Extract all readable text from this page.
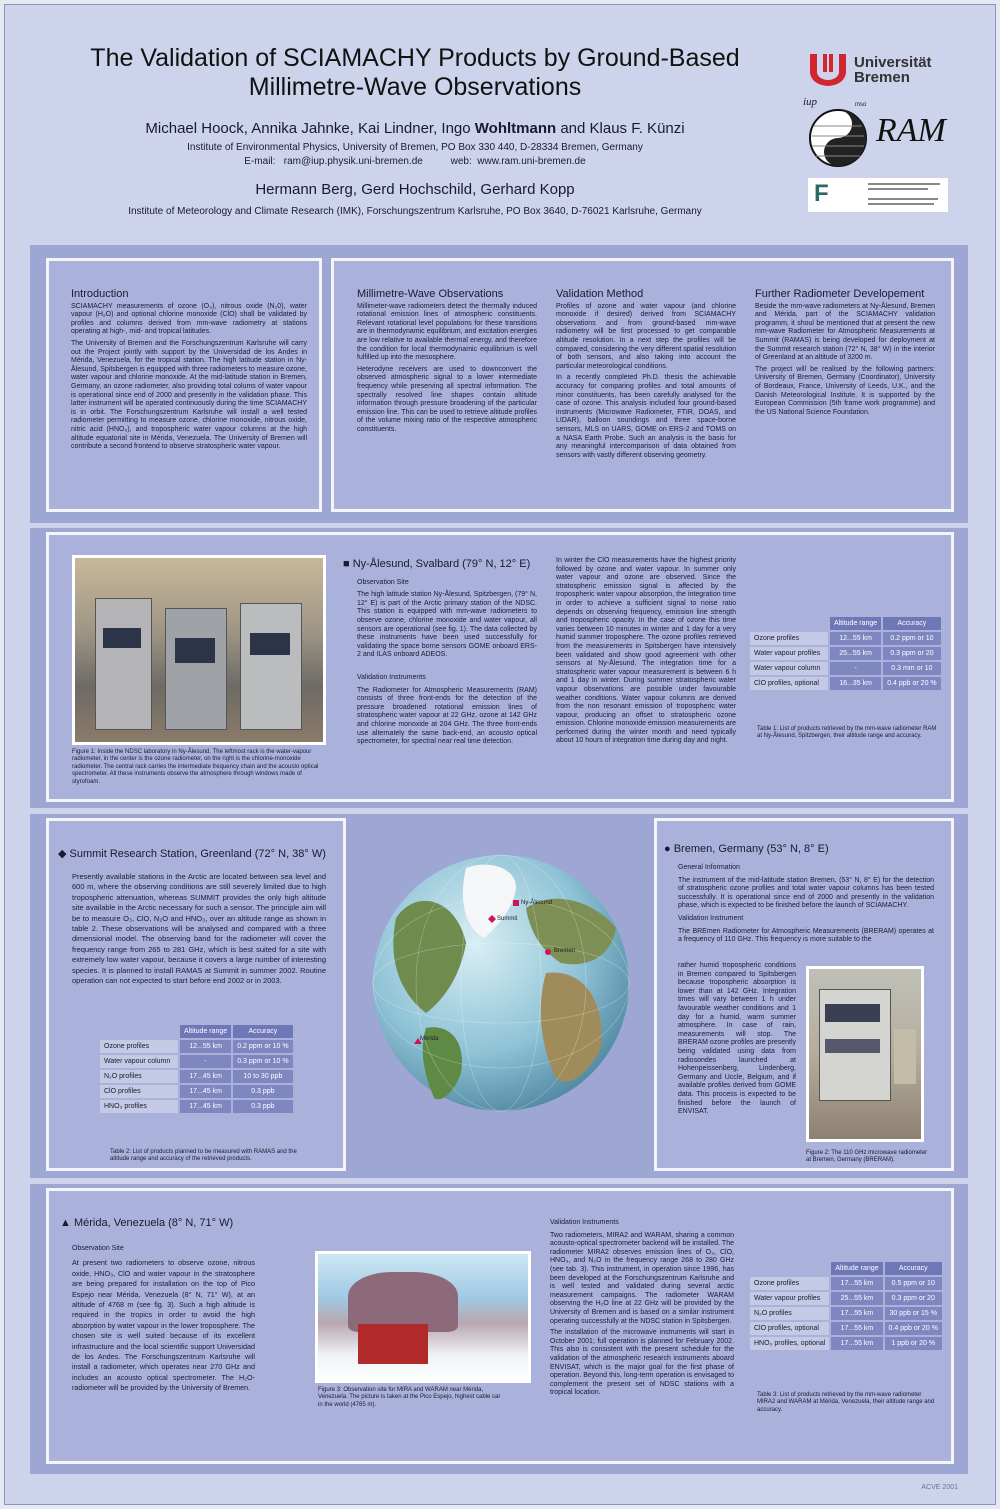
The Validation of SCIAMACHY Products by Ground-Based
Millimetre-Wave Observations
Michael Hoock, Annika Jahnke, Kai Lindner, Ingo Wohltmann and Klaus F. Künzi
Institute of Environmental Physics, University of Bremen, PO Box 330 440, D-28334 Bremen, Germany
E-mail:   ram@iup.physik.uni-bremen.de          web:  www.ram.uni-bremen.de
Hermann Berg, Gerd Hochschild, Gerhard Kopp
Institute of Meteorology and Climate Research (IMK), Forschungszentrum Karlsruhe, PO Box 3640, D-76021 Karlsruhe, Germany
Universität
Bremen
iup	mso
RAM
F
Introduction

SCIAMACHY measurements of ozone (O₃), nitrous oxide (N₂0), water vapour (H₂O) and optional chlorine monoxide (ClO) shall be validated by profiles and columns derived from mm-wave radiometry at stations operating at high-, mid- and tropical latitudes.

The University of Bremen and the Forschungszentrum Karlsruhe will carry out the Project jointly with support by the Universidad de los Andes in Mérida, Venezuela, for the tropical station. The high latitude station in Ny-Ålesund, Spitsbergen is equipped with three radiometers to measure ozone, water vapour and chlorine monoxide. At the mid-latitude station in Bremen, Germany, an ozone radiometer, also providing total colums of water vapour is operational since end of 2000 and presently in the validation phase. This latter instrument will be operated continuously during the time SCIAMACHY is in orbit. The Forschungszentrum Karlsruhe will install a well tested radiometer permitting to measure ozone, chlorine monoxide, nitrous oxide, nitric acid (HNO₃), and tropospheric water vapour columns at the high altitude equatorial site in Mérida, Venezuela. The University of Bremen will contribute a second frontend to observe stratospheric water vapour.

Millimetre-Wave Observations

Millimeter-wave radiometers detect the thermally induced rotational emission lines of atmospheric constituents. Relevant rotational level populations for these transitions are in thermodynamic equilibrium, and excitation energies are low relative to available thermal energy, and therefore the condition for local thermodynamic equilibrium is well fulfilled up into the mesosphere.

Heterodyne receivers are used to downconvert the observed atmospheric signal to a lower intermediate frequency while preserving all spectral information. The spectrally resolved line shapes contain altitude information through pressure broadening of the particular emission line. This can be used to retrieve altitude profiles of the volume mixing ratio of the respective atmospheric constituents.

Validation Method

Profiles of ozone and water vapour (and chlorine monoxide if desired) derived from SCIAMACHY observations and from ground-based mm-wave radiometry will be first processed to get comparable altitude resolution. In a next step the profiles will be compared, considering the very different spatial resolution of both sensors, and also taking into account the particular meteorological conditions.

In a recently completed Ph.D. thesis the achievable accuracy for comparing profiles and total amounts of minor constituents, has been carefully analysed for the case of ozone. This analysis included four ground-based instruments (Microwave Radiometer, FTIR, DOAS, and LIDAR), balloon soundings and three space-borne sensors, MLS on UARS, GOME on ERS-2 and TOMS on a NASA Earth Probe. Such an analysis is the basis for any meaningful intercomparison of data obtained from sensors with vastly different observing geometry.

Further Radiometer Developement

Beside the mm-wave radiometers at Ny-Ålesund, Bremen and Mérida, part of the SCIAMACHY validation programm, it shoul be mentioned that at present the new mm-wave Radiometer for Atmospheric Measurements at Summit (RAMAS) is being developed for deployment at the Summit research station (72° N, 38° W) in the interior of Greenland at an altitude of 3200 m.

The project will be realised by the following partners: University of Bremen, Germany (Coordinator), University of Bordeaux, France, University of Leeds, U.K., and the Danish Meteorological Institute. It is supported by the European Commission (5th frame work programme) and the US National Science Foundation.

Figure 1: Inside the NDSC laboratory in Ny-Ålesund. The leftmost rack is the water-vapour radiometer, in the center is the ozone radiometer, on the right is the chlorine-monoxide radiometer. The central rack carries the intermediate frequency chain and the acousto optical spectrometer. All these instruments observe the atmosphere through windows made of styrofoam.
■ Ny-Ålesund, Svalbard (79° N, 12° E)
Observation Site

The high latitude station Ny-Ålesund, Spitzbergen, (79° N, 12° E) is part of the Arctic primary station of the NDSC. This station is equipped with mm-wave radiometers to observe ozone, chlorine monoxide and water vapour, all sensors are operational (see fig. 1). The data collected by these instruments have been used successfully for validating the space borne sensors GOME onboard ERS-2 and ILAS onboard ADEOS.

Validation Instruments

The Radiometer for Atmospheric Measurements (RAM) consists of three front-ends for the detection of the pressure broadened rotational emission lines of stratospheric water vapour at 22 GHz, ozone at 142 GHz and chlorine monoxide at 204 GHz. The three front-ends use alternately the same back-end, an acousto optical spectrometer, for spectral near real time detection.

In winter the ClO measurements have the highest priority followed by ozone and water vapour. In summer only water vapour and ozone are observed. Since the stratospheric emission signal is affected by the tropospheric water vapour absorption, the integration time in order to achieve a sufficient signal to noise ratio depends on observing frequency, emission line strength and tropospheric opacity. In the case of ozone this time varies between 10 minutes in winter and 1 day for a very humid summer troposphere. The ozone profiles retrieved from the measurements in Spitsbergen have intensively been validated and show good agreement with other sensors at Ny-Ålesund. The integration time for a stratospheric water vapour measurement is between 6 h and 1 day in winter. During summer stratospheric water vapour observations are possible under favourable weather conditions. Water vapour columns are derived from the non resonant emission of tropospheric water vapour, producing an offset to stratospheric ozone emission. Chlorine monoxide emission measurements are performed during the winter month and need typically about 10 hours of integration time during day and night.

	Altitude range	Accuracy
Ozone profiles	12...55 km	0.2 ppm or 10
Water vapour profiles	25...55 km	0.3 ppm or 20
Water vapour column	-	0.3 mm or 10
ClO profiles, optional	16...35 km	0.4 ppb or 20 %
Table 1: List of products retrieved by the mm-wave radiometer RAM at Ny-Ålesund, Spitzbergen, their altitude range and accuracy.
◆ Summit Research Station, Greenland (72° N, 38° W)

Presently available stations in the Arctic are located between sea level and 600 m, where the observing conditions are still severely limited due to high tropospheric attenuation, whereas SUMMIT provides the only high altitude site available in the Arctic necessary for such a sensor. The principle aim will be to measure O₃, ClO, N₂O and HNO₃, over an altitude range as shown in table 2. These observations will be analysed and compared with a three dimensional model. The observing band for the radiometer will cover the frequency range from 265 to 281 GHz, which is best suited for a site with extremely low water vapour, because it covers a large number of interesting species. It is planned to install RAMAS at Summit in summer 2002. Routine operation can not expected to start before end 2002 or in 2003.

	Altitude range	Accuracy
Ozone profiles	12...55 km	0.2 ppm or 10 %
Water vapour column	-	0.3 ppm or 10 %
N₂O profiles	17...45 km	10 to 30 ppb
ClO profiles	17...45 km	0.3 ppb
HNO₃ profiles	17...45 km	0.3 ppb
Table 2: List of products planned to be measured with RAMAS and the altitude range and accuracy of the retrieved products.
Ny-Ålesund
Summit
Bremen
Mérida
● Bremen, Germany (53° N, 8° E)
General Information

The instrument of the mid-latitude station Bremen, (53° N, 8° E) for the detection of stratospheric ozone profiles and total water vapour columns has been tested successfully. It is operational since end of 2000 and presently in the validation phase, which is expected to be finished before the launch of SCIAMACHY.

Validation Instrument

The BREmen Radiometer for Atmospheric Measurements (BRERAM) operates at a frequency of 110 GHz. This frequency is more suitable to the

rather humid tropospheric conditions in Bremen compared to Spitsbergen because tropospheric absorption is lower than at 142 GHz. Integration times will vary between 1 h under favourable weather conditions and 1 day for a humid, warm summer atmosphere. In case of rain, measurements will stop. The BRERAM ozone profiles are presently being validated using data from radiosondes launched at Hohenpeissenberg, Lindenberg, Germany and Uccle, Belgium, and if available profiles derived from GOME data. This process is expected to be finished before the launch of ENVISAT.

Figure 2: The 110 GHz microwave radiometer at Bremen, Germany (BRERAM).
▲ Mérida, Venezuela (8° N, 71° W)
Observation Site

At present two radiometers to observe ozone, nitrous oxide, HNO₃, ClO and water vapour in the stratosphere are being prepared for installation on the top of Pico Espejo near Mérida, Venezuela (8° N, 71° W), at an altitude of 4768 m (see fig. 3). Such a high altitude is required in the tropics in order to avoid the high absorption by water vapour in the lower troposphere. The chosen site is well suited because of its excellent infrastructure and the local scientific support Universidad de los Andes. The Forschungszentrum Karlsruhe will install a radiometer, which operates near 270 GHz and includes an acousto optical spectrometer. The H₂O-radiometer will be provided by the University of Bremen.	Figure 3: Observation site for MIRA and WARAM near Mérida, Venezuela. The picture is taken at the Pico Espejo, highest cable car in the world (4765 m).
Validation Instruments

Two radiometers, MIRA2 and WARAM, sharing a common acousto-optical spectrometer backend will be installed. The radiometer MIRA2 observes emission lines of O₃, ClO, HNO₃, and N₂O in the frequency range 268 to 280 GHz (see tab. 3). This instrument, in operation since 1996, has been developed at the Forschungszentrum Karlsruhe and is well tested and validated during several arctic measurement campaigns. The radiometer WARAM observing the H₂O line at 22 GHz will be provided by the University of Bremen and is based on a similar instrument operating successfully at the NDSC station in Spitsbergen.

The installation of the microwave instruments will start in October 2001; full operation is planned for February 2002. This also is consistent with the present schedule for the validation of the atmospheric research instruments aboard ENVISAT, which is the major goal for the first phase of operation. Beyond this, long-term operation is envisaged to complement the present set of NDSC stations with a tropical location.

	Altitude range	Accuracy
Ozone profiles	17...55 km	0.5 ppm or 10
Water vapour profiles	25...55 km	0.3 ppm or 20
N₂O profiles	17...55 km	30 ppb or 15 %
ClO profiles, optional	17...55 km	0.4 ppb or 20 %
HNO₃ profiles, optional	17...55 km	1 ppb or 20 %
Table 3: List of products retrieved by the mm-wave radiometer MIRA2 and WARAM at Mérida, Venezuela, their altitude range and accuracy.
ACVE 2001
